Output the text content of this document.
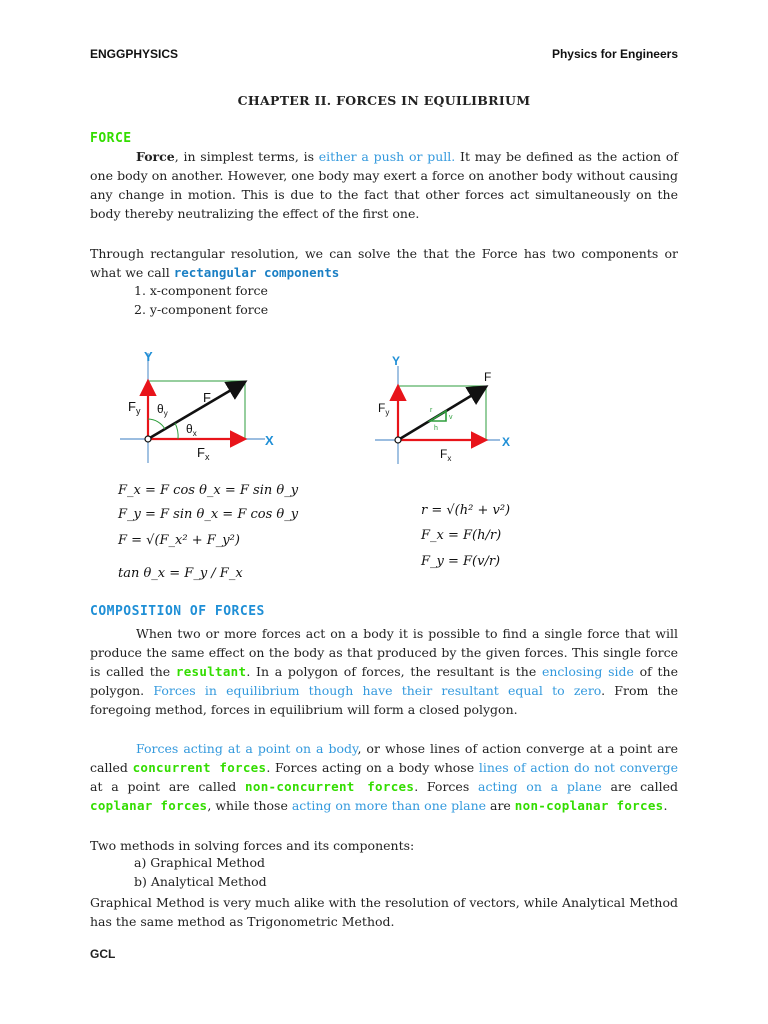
ENGGPHYSICS	Physics for Engineers
CHAPTER II. FORCES IN EQUILIBRIUM
FORCE
Force, in simplest terms, is either a push or pull. It may be defined as the action of one body on another. However, one body may exert a force on another body without causing any change in motion. This is due to the fact that other forces act simultaneously on the body thereby neutralizing the effect of the first one.
Through rectangular resolution, we can solve the that the Force has two components or what we call rectangular components
1. x-component force
2. y-component force
Y
X
F
$F_y$
$F_x$
$\theta_y$
$\theta_x$
Y
X
F
$F_y$
$F_x$
r
v
h
F_x = F cos θ_x = F sin θ_y
F_y = F sin θ_x = F cos θ_y
F = √(F_x² + F_y²)
tan θ_x = F_y / F_x
r = √(h² + v²)
F_x = F(h/r)
F_y = F(v/r)
COMPOSITION OF FORCES
When two or more forces act on a body it is possible to find a single force that will produce the same effect on the body as that produced by the given forces. This single force is called the resultant. In a polygon of forces, the resultant is the enclosing side of the polygon. Forces in equilibrium though have their resultant equal to zero. From the foregoing method, forces in equilibrium will form a closed polygon.
Forces acting at a point on a body, or whose lines of action converge at a point are called concurrent forces. Forces acting on a body whose lines of action do not converge at a point are called non-concurrent forces. Forces acting on a plane are called coplanar forces, while those acting on more than one plane are non-coplanar forces.
Two methods in solving forces and its components:
a) Graphical Method
b) Analytical Method
Graphical Method is very much alike with the resolution of vectors, while Analytical Method has the same method as Trigonometric Method.
GCL
